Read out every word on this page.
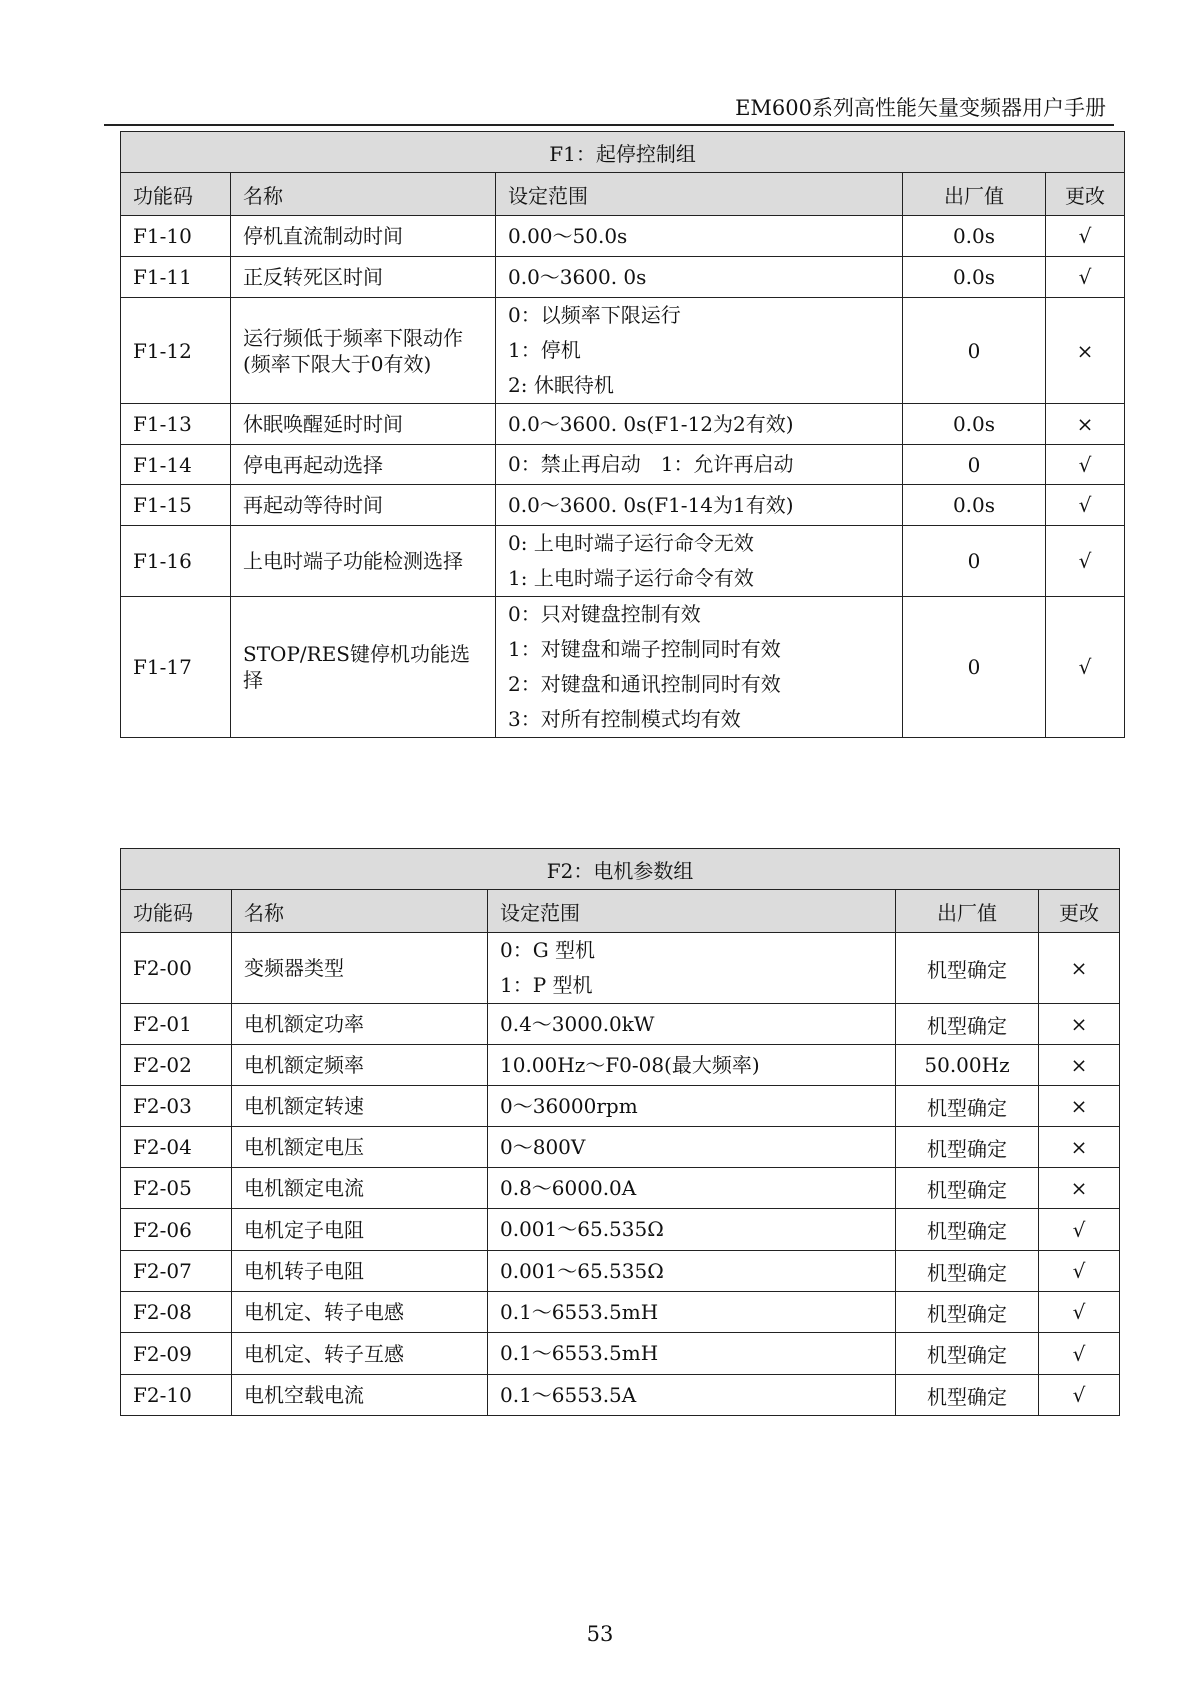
EM600系列高性能矢量变频器用户手册
F1：起停控制组				
功能码	名称	设定范围	出厂值	更改
F1-10	停机直流制动时间	0.00～50.0s	0.0s	√
F1-11	正反转死区时间	0.0～3600. 0s	0.0s	√
F1-12	运行频低于频率下限动作(频率下限大于0有效)	0：以频率下限运行
1：停机
2: 休眠待机	0	×
F1-13	休眠唤醒延时时间	0.0～3600. 0s(F1-12为2有效)	0.0s	×
F1-14	停电再起动选择	0：禁止再启动　1：允许再启动	0	√
F1-15	再起动等待时间	0.0～3600. 0s(F1-14为1有效)	0.0s	√
F1-16	上电时端子功能检测选择	0: 上电时端子运行命令无效
1: 上电时端子运行命令有效	0	√
F1-17	STOP/RES键停机功能选择	0：只对键盘控制有效
1：对键盘和端子控制同时有效
2：对键盘和通讯控制同时有效
3：对所有控制模式均有效	0	√
F2：电机参数组				
功能码	名称	设定范围	出厂值	更改
F2-00	变频器类型	0：G 型机
1：P 型机	机型确定	×
F2-01	电机额定功率	0.4～3000.0kW	机型确定	×
F2-02	电机额定频率	10.00Hz～F0-08(最大频率)	50.00Hz	×
F2-03	电机额定转速	0～36000rpm	机型确定	×
F2-04	电机额定电压	0～800V	机型确定	×
F2-05	电机额定电流	0.8～6000.0A	机型确定	×
F2-06	电机定子电阻	0.001～65.535Ω	机型确定	√
F2-07	电机转子电阻	0.001～65.535Ω	机型确定	√
F2-08	电机定、转子电感	0.1～6553.5mH	机型确定	√
F2-09	电机定、转子互感	0.1～6553.5mH	机型确定	√
F2-10	电机空载电流	0.1～6553.5A	机型确定	√
53
